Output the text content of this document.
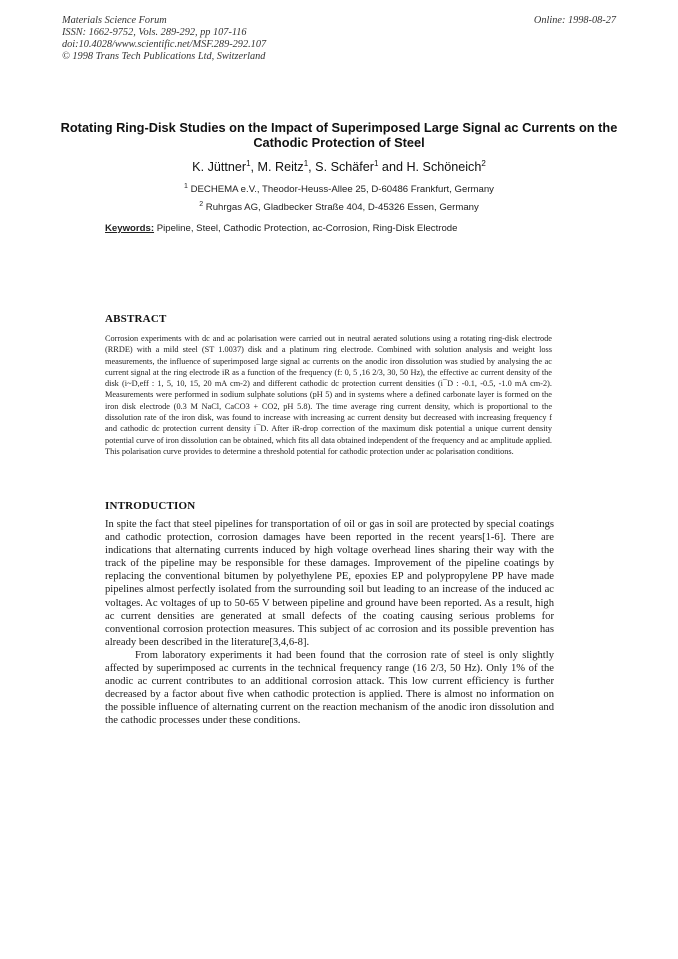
Materials Science Forum
ISSN: 1662-9752, Vols. 289-292, pp 107-116
doi:10.4028/www.scientific.net/MSF.289-292.107
© 1998 Trans Tech Publications Ltd, Switzerland
Online: 1998-08-27
Rotating Ring-Disk Studies on the Impact of Superimposed Large Signal ac Currents on the Cathodic Protection of Steel
K. Jüttner$^1$, M. Reitz$^1$, S. Schäfer$^1$ and H. Schöneich$^2$
$^1$ DECHEMA e.V., Theodor-Heuss-Allee 25, D-60486 Frankfurt, Germany
$^2$ Ruhrgas AG, Gladbecker Straße 404, D-45326 Essen, Germany
Keywords: Pipeline, Steel, Cathodic Protection, ac-Corrosion, Ring-Disk Electrode
ABSTRACT
Corrosion experiments with dc and ac polarisation were carried out in neutral aerated solutions using a rotating ring-disk electrode (RRDE) with a mild steel (ST 1.0037) disk and a platinum ring electrode. Combined with solution analysis and weight loss measurements, the influence of superimposed large signal ac currents on the anodic iron dissolution was studied by analysing the ac current signal at the ring electrode iR as a function of the frequency (f: 0, 5 ,16 2/3, 30, 50 Hz), the effective ac current density of the disk (i~D,eff : 1, 5, 10, 15, 20 mA cm-2) and different cathodic dc protection current densities (i¯D : -0.1, -0.5, -1.0 mA cm-2). Measurements were performed in sodium sulphate solutions (pH 5) and in systems where a defined carbonate layer is formed on the iron disk electrode (0.3 M NaCl, CaCO3 + CO2, pH 5.8). The time average ring current density, which is proportional to the dissolution rate of the iron disk, was found to increase with increasing ac current density but decreased with increasing frequency f and cathodic dc protection current density i¯D. After iR-drop correction of the maximum disk potential a unique current density potential curve of iron dissolution can be obtained, which fits all data obtained independent of the frequency and ac amplitude applied. This polarisation curve provides to determine a threshold potential for cathodic protection under ac polarisation conditions.
INTRODUCTION

In spite the fact that steel pipelines for transportation of oil or gas in soil are protected by special coatings and cathodic protection, corrosion damages have been reported in the recent years[1-6]. There are indications that alternating currents induced by high voltage overhead lines sharing their way with the track of the pipeline may be responsible for these damages. Improvement of the pipeline coatings by replacing the conventional bitumen by polyethylene PE, epoxies EP and polypropylene PP have made pipelines almost perfectly isolated from the surrounding soil but leading to an increase of the induced ac voltages. Ac voltages of up to 50-65 V between pipeline and ground have been reported. As a result, high ac current densities are generated at small defects of the coating causing serious problems for conventional corrosion protection measures. This subject of ac corrosion and its possible prevention has already been described in the literature[3,4,6-8].

From laboratory experiments it had been found that the corrosion rate of steel is only slightly affected by superimposed ac currents in the technical frequency range (16 2/3, 50 Hz). Only 1% of the anodic ac current contributes to an additional corrosion attack. This low current efficiency is further decreased by a factor about five when cathodic protection is applied. There is almost no information on the possible influence of alternating current on the reaction mechanism of the anodic iron dissolution and the cathodic processes under these conditions.
